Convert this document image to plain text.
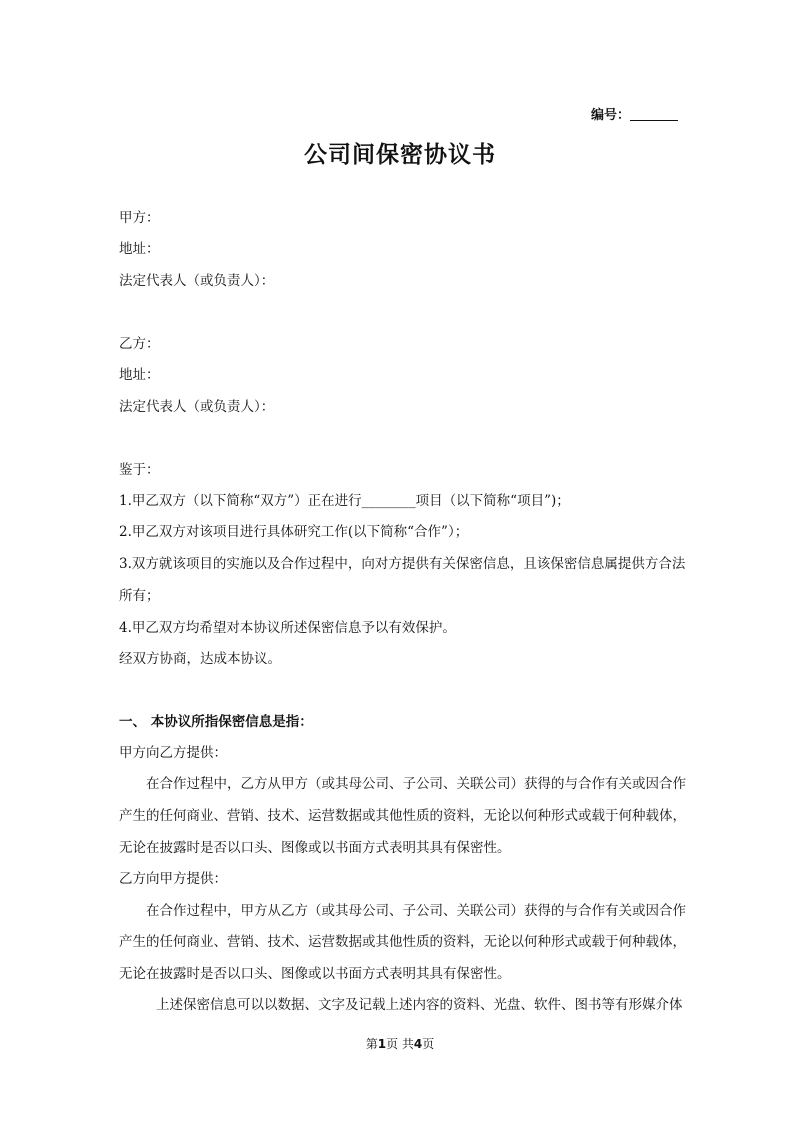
编号：
公司间保密协议书
甲方：
地址：
法定代表人（或负责人）：
乙方：
地址：
法定代表人（或负责人）：
鉴于：
1.甲乙双方（以下简称“双方”）正在进行________项目（以下简称“项目”)；
2.甲乙双方对该项目进行具体研究工作(以下简称“合作”）；
3.双方就该项目的实施以及合作过程中，向对方提供有关保密信息，且该保密信息属提供方合法
所有；
4.甲乙双方均希望对本协议所述保密信息予以有效保护。
经双方协商，达成本协议。
一、 本协议所指保密信息是指：
甲方向乙方提供：
在合作过程中，乙方从甲方（或其母公司、子公司、关联公司）获得的与合作有关或因合作
产生的任何商业、营销、技术、运营数据或其他性质的资料，无论以何种形式或载于何种载体，
无论在披露时是否以口头、图像或以书面方式表明其具有保密性。
乙方向甲方提供：
在合作过程中，甲方从乙方（或其母公司、子公司、关联公司）获得的与合作有关或因合作
产生的任何商业、营销、技术、运营数据或其他性质的资料，无论以何种形式或载于何种载体，
无论在披露时是否以口头、图像或以书面方式表明其具有保密性。
上述保密信息可以以数据、文字及记载上述内容的资料、光盘、软件、图书等有形媒介体
第1页 共4页
